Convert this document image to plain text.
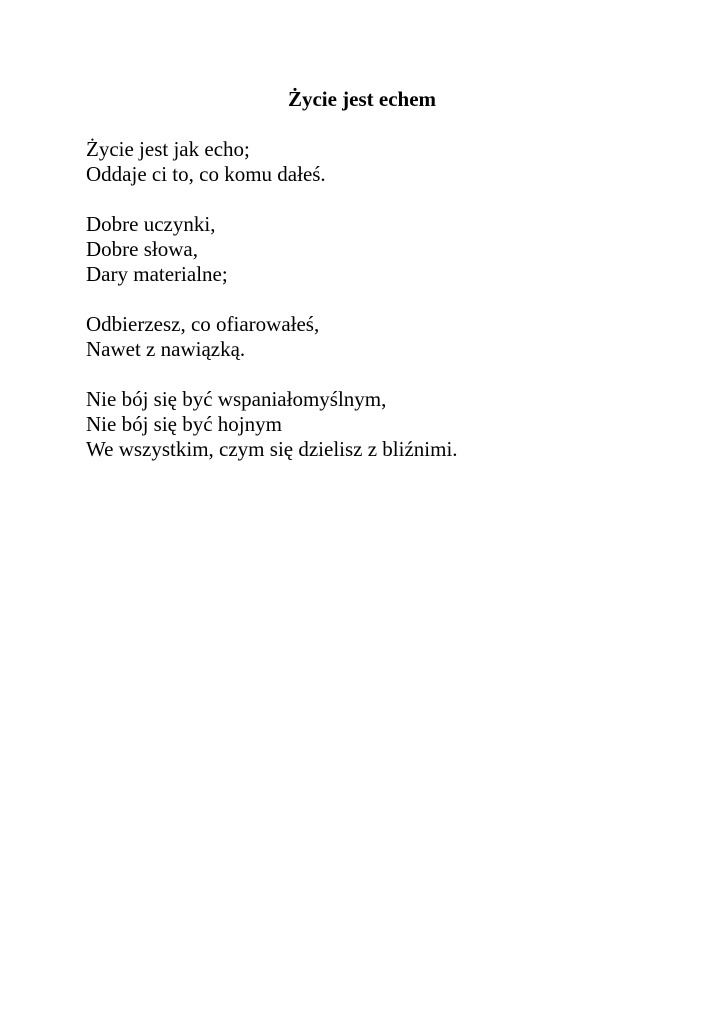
Życie jest echem
Życie jest jak echo;
Oddaje ci to, co komu dałeś.
Dobre uczynki,
Dobre słowa,
Dary materialne;
Odbierzesz, co ofiarowałeś,
Nawet z nawiązką.
Nie bój się być wspaniałomyślnym,
Nie bój się być hojnym
We wszystkim, czym się dzielisz z bliźnimi.
